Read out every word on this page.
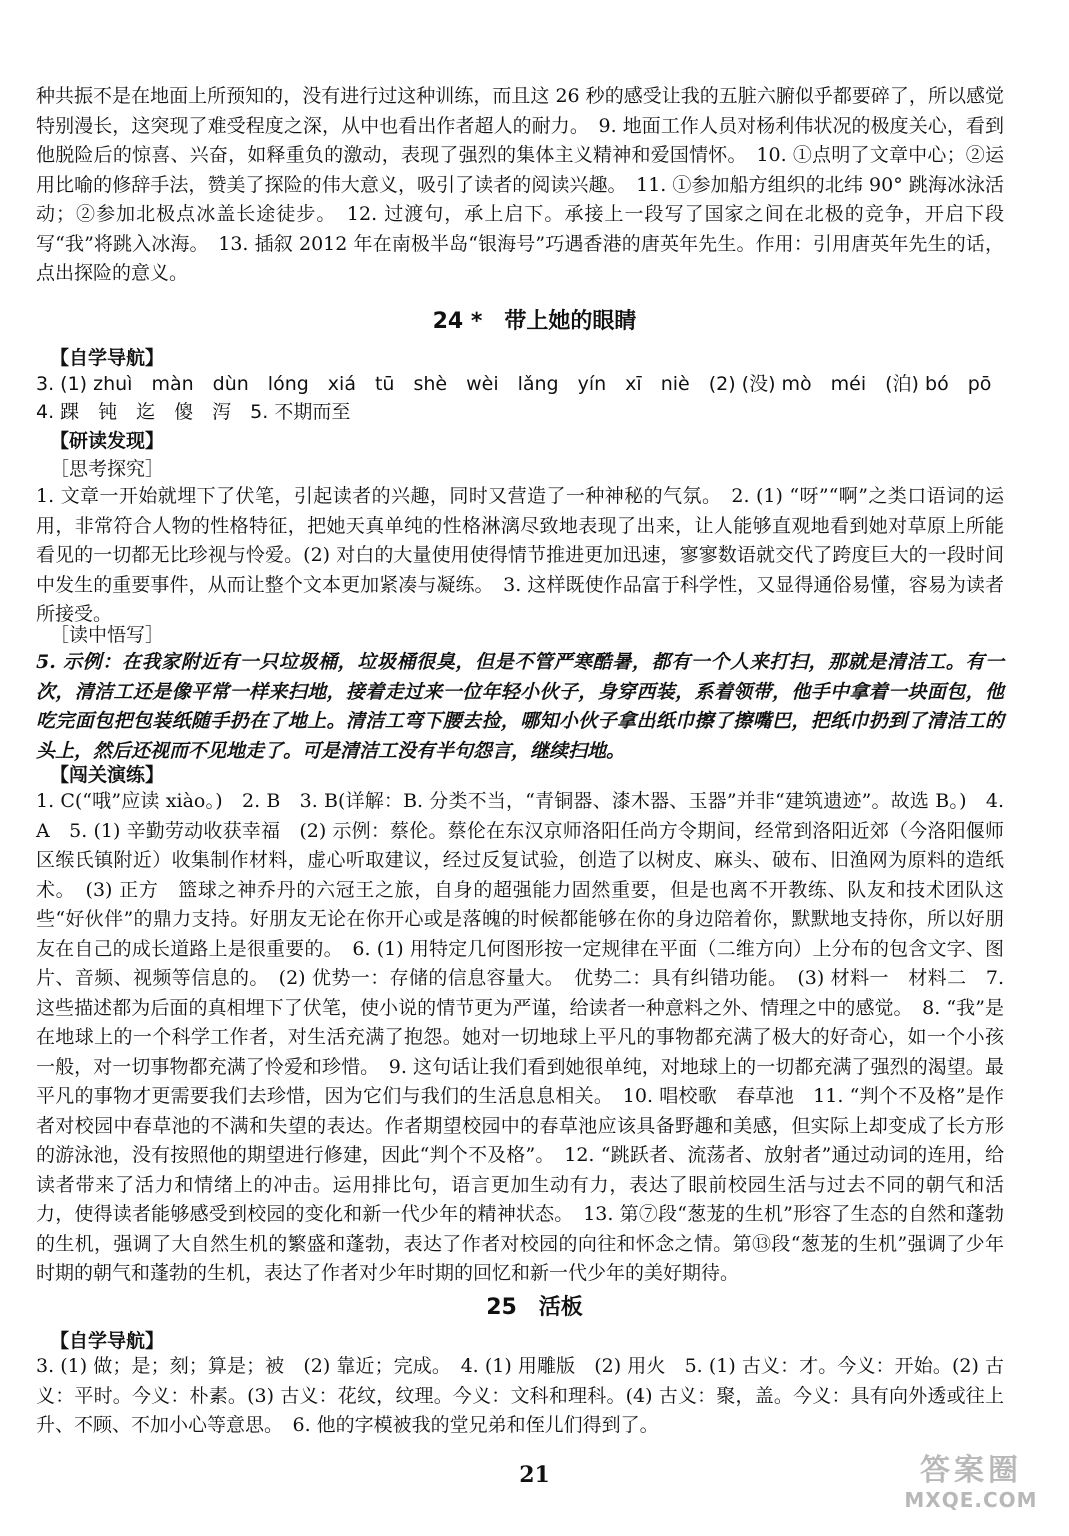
种共振不是在地面上所预知的，没有进行过这种训练，而且这 26 秒的感受让我的五脏六腑似乎都要碎了，所以感觉特别漫长，这突现了难受程度之深，从中也看出作者超人的耐力。　9. 地面工作人员对杨利伟状况的极度关心，看到他脱险后的惊喜、兴奋，如释重负的激动，表现了强烈的集体主义精神和爱国情怀。　10. ①点明了文章中心；②运用比喻的修辞手法，赞美了探险的伟大意义，吸引了读者的阅读兴趣。　11. ①参加船方组织的北纬 90° 跳海冰泳活动；②参加北极点冰盖长途徒步。　12. 过渡句，承上启下。承接上一段写了国家之间在北极的竞争，开启下段写“我”将跳入冰海。　13. 插叙 2012 年在南极半岛“银海号”巧遇香港的唐英年先生。作用：引用唐英年先生的话，点出探险的意义。

24 *　带上她的眼睛
【自学导航】
3. (1) zhuì　màn　dùn　lóng　xiá　tū　shè　wèi　lǎng　yín　xī　niè　(2) (没) mò　méi　(泊) bó　pō
4. 踝　钝　迄　傻　泻　5. 不期而至
【研读发现】
［思考探究］

1. 文章一开始就埋下了伏笔，引起读者的兴趣，同时又营造了一种神秘的气氛。　2. (1) “呀”“啊”之类口语词的运用，非常符合人物的性格特征，把她天真单纯的性格淋漓尽致地表现了出来，让人能够直观地看到她对草原上所能看见的一切都无比珍视与怜爱。(2) 对白的大量使用使得情节推进更加迅速，寥寥数语就交代了跨度巨大的一段时间中发生的重要事件，从而让整个文本更加紧凑与凝练。　3. 这样既使作品富于科学性，又显得通俗易懂，容易为读者所接受。

［读中悟写］

5. 示例：在我家附近有一只垃圾桶，垃圾桶很臭，但是不管严寒酷暑，都有一个人来打扫，那就是清洁工。有一次，清洁工还是像平常一样来扫地，接着走过来一位年轻小伙子，身穿西装，系着领带，他手中拿着一块面包，他吃完面包把包装纸随手扔在了地上。清洁工弯下腰去捡，哪知小伙子拿出纸巾擦了擦嘴巴，把纸巾扔到了清洁工的头上，然后还视而不见地走了。可是清洁工没有半句怨言，继续扫地。

【闯关演练】

1. C(“哦”应读 xiào。)　2. B　3. B(详解：B. 分类不当，“青铜器、漆木器、玉器”并非“建筑遗迹”。故选 B。)　4. A　5. (1) 辛勤劳动收获幸福　(2) 示例：蔡伦。蔡伦在东汉京师洛阳任尚方令期间，经常到洛阳近郊（今洛阳偃师区缑氏镇附近）收集制作材料，虚心听取建议，经过反复试验，创造了以树皮、麻头、破布、旧渔网为原料的造纸术。　(3) 正方　篮球之神乔丹的六冠王之旅，自身的超强能力固然重要，但是也离不开教练、队友和技术团队这些“好伙伴”的鼎力支持。好朋友无论在你开心或是落魄的时候都能够在你的身边陪着你，默默地支持你，所以好朋友在自己的成长道路上是很重要的。　6. (1) 用特定几何图形按一定规律在平面（二维方向）上分布的包含文字、图片、音频、视频等信息的。　(2) 优势一：存储的信息容量大。　优势二：具有纠错功能。　(3) 材料一　材料二　7. 这些描述都为后面的真相埋下了伏笔，使小说的情节更为严谨，给读者一种意料之外、情理之中的感觉。　8. “我”是在地球上的一个科学工作者，对生活充满了抱怨。她对一切地球上平凡的事物都充满了极大的好奇心，如一个小孩一般，对一切事物都充满了怜爱和珍惜。　9. 这句话让我们看到她很单纯，对地球上的一切都充满了强烈的渴望。最平凡的事物才更需要我们去珍惜，因为它们与我们的生活息息相关。　10. 唱校歌　春草池　11. “判个不及格”是作者对校园中春草池的不满和失望的表达。作者期望校园中的春草池应该具备野趣和美感，但实际上却变成了长方形的游泳池，没有按照他的期望进行修建，因此“判个不及格”。　12. “跳跃者、流荡者、放射者”通过动词的连用，给读者带来了活力和情绪上的冲击。运用排比句，语言更加生动有力，表达了眼前校园生活与过去不同的朝气和活力，使得读者能够感受到校园的变化和新一代少年的精神状态。　13. 第⑦段“葱茏的生机”形容了生态的自然和蓬勃的生机，强调了大自然生机的繁盛和蓬勃，表达了作者对校园的向往和怀念之情。第⑬段“葱茏的生机”强调了少年时期的朝气和蓬勃的生机，表达了作者对少年时期的回忆和新一代少年的美好期待。

25　活板
【自学导航】

3. (1) 做；是；刻；算是；被　(2) 靠近；完成。　4. (1) 用雕版　(2) 用火　5. (1) 古义：才。今义：开始。(2) 古义：平时。今义：朴素。(3) 古义：花纹，纹理。今义：文科和理科。(4) 古义：聚，盖。今义：具有向外透或往上升、不顾、不加小心等意思。　6. 他的字模被我的堂兄弟和侄儿们得到了。

21	答案圈
MXQE.COM
